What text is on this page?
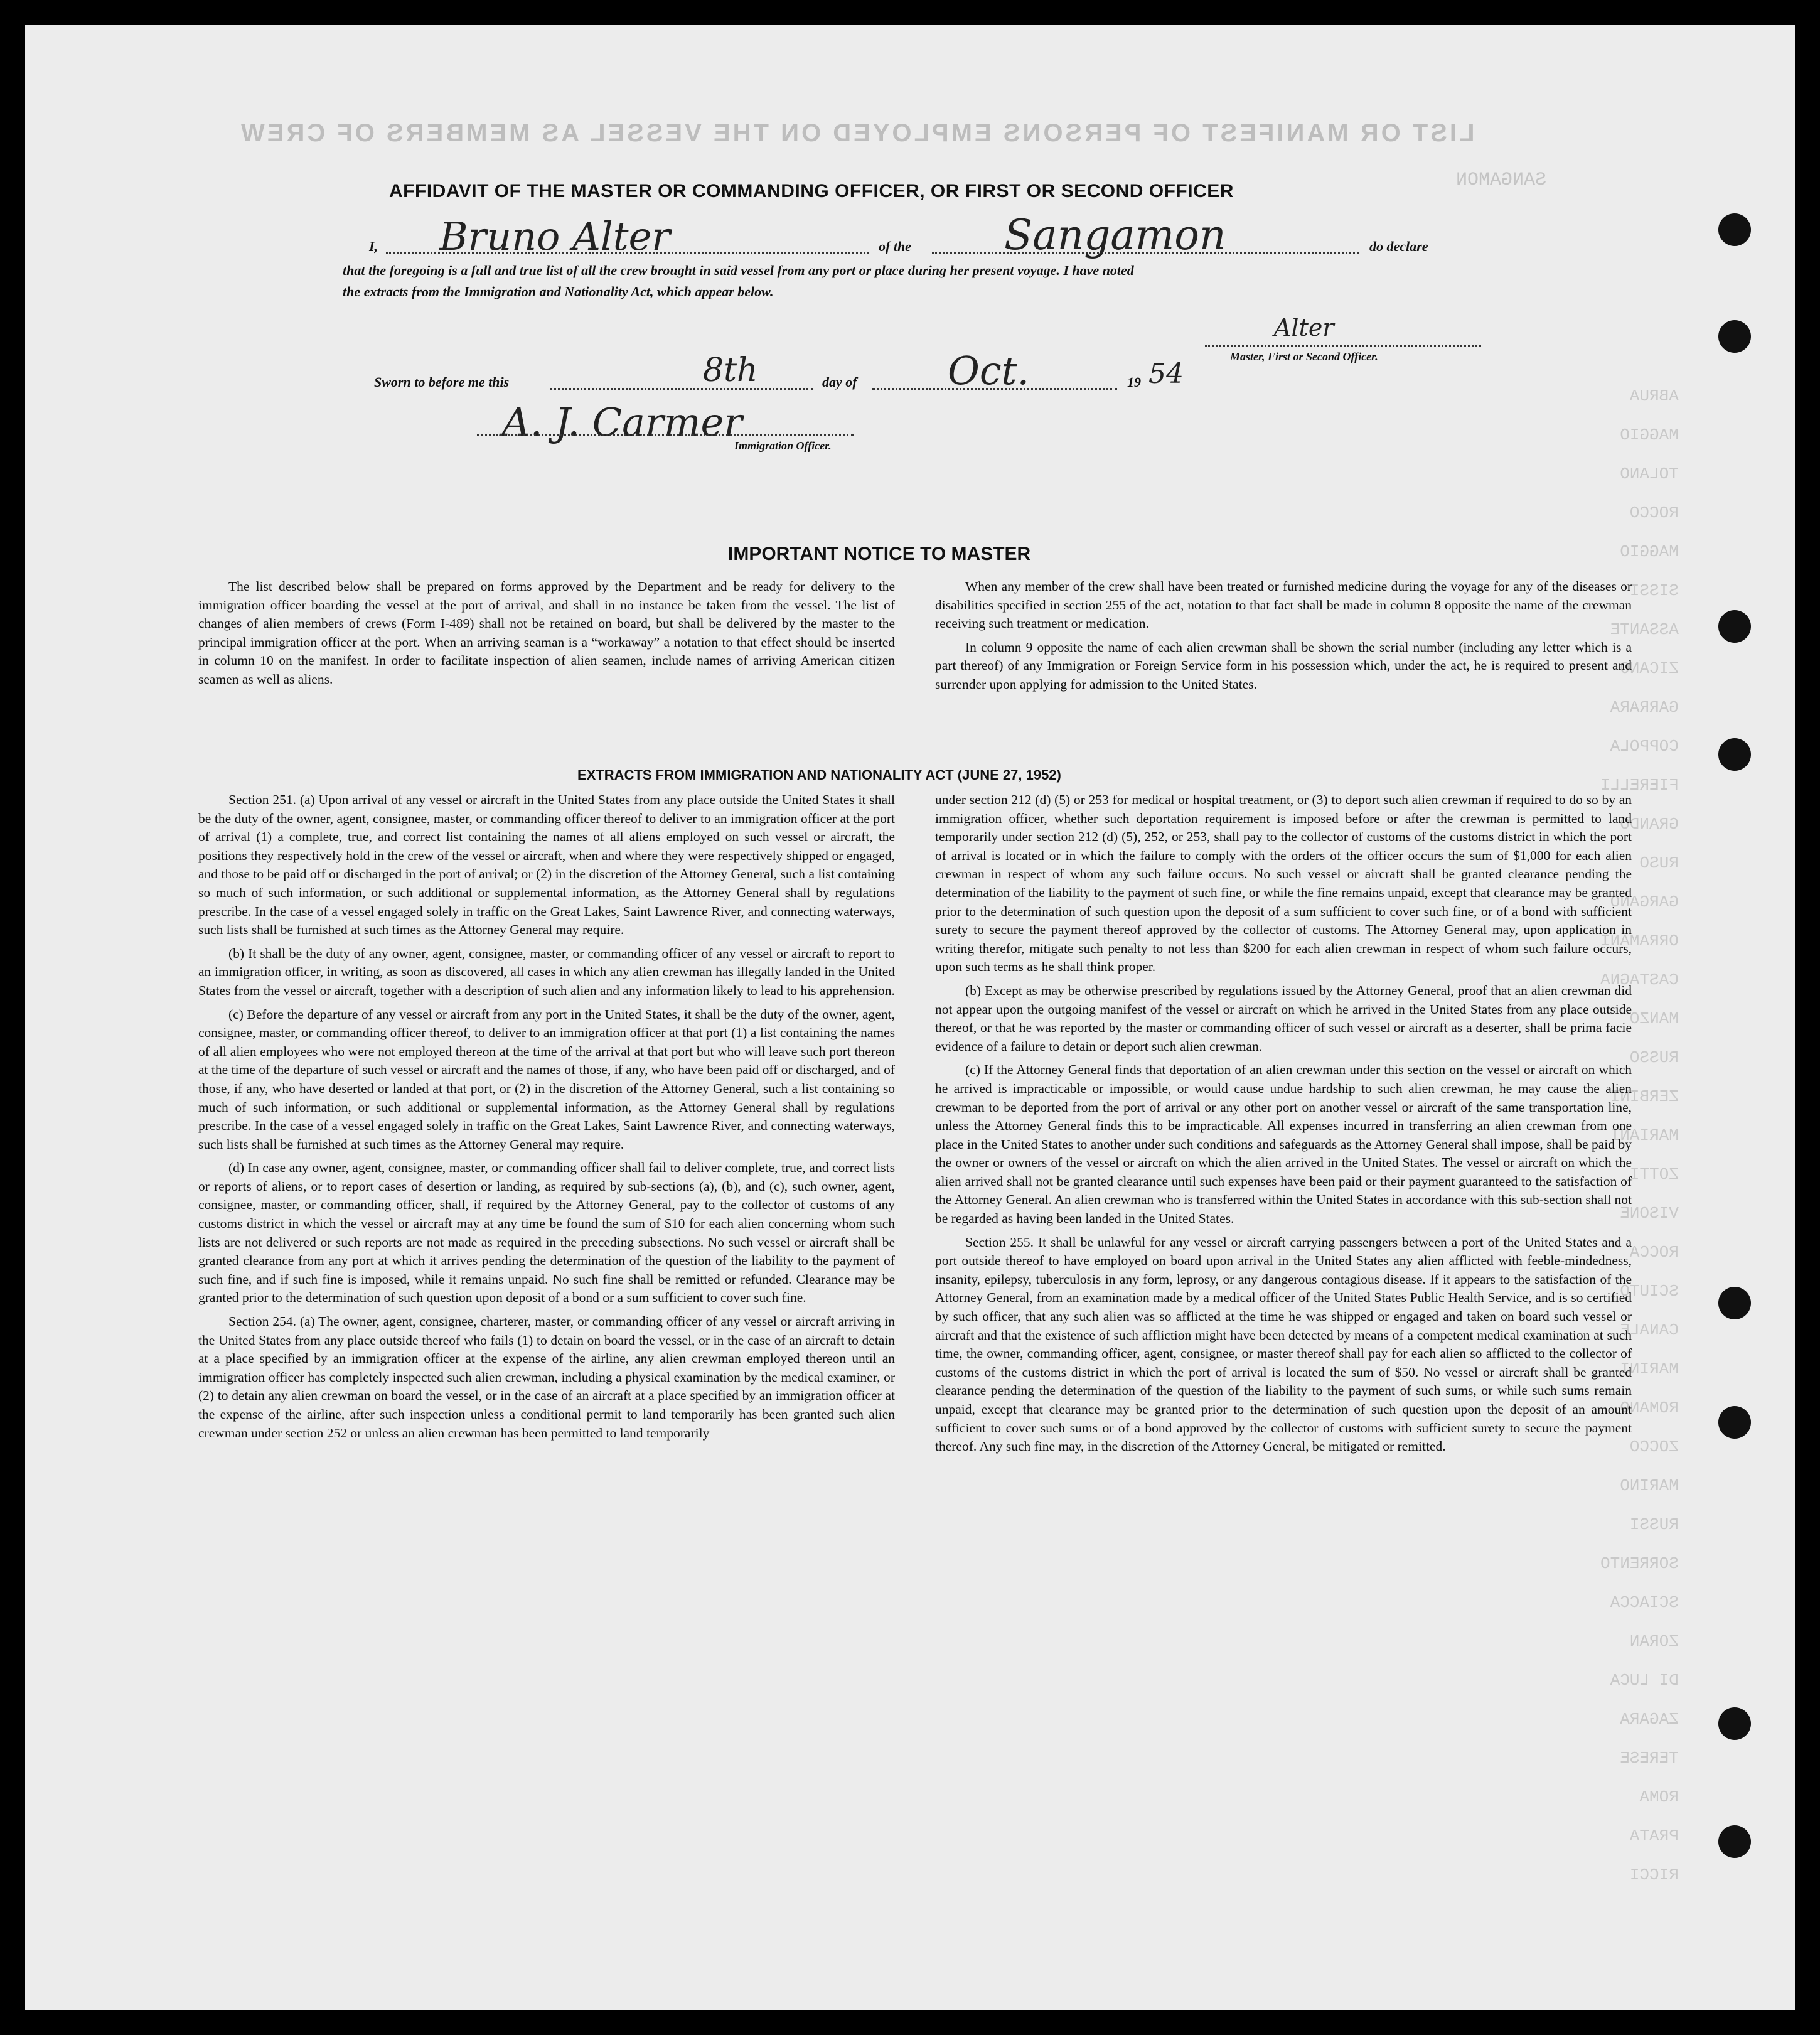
LIST OR MANIFEST OF PERSONS EMPLOYED ON THE VESSEL AS MEMBERS OF CREW
SANGAMON
ABRUA
MAGGIO
TOLANO
ROCCO
MAGGIO
SISSI
ASSANTE
ZICANO
GARRARA
COPPOLA
FIERELLI
GRANDO
RUSO
GARGANO
ORRAMANI
CASTAGNA
MANZO
RUSSO
ZERBINI
MARIANI
ZOTTI
VISONE
ROCCA
SCIUTO
CANALE
MARINI
ROMANO
ZOCCO
MARINO
RUSSI
SORRENTO
SCIACCA
ZORAN
DI LUCA
ZAGARA
TERESE
ROMA
PRATA
RICCI
AFFIDAVIT OF THE MASTER OR COMMANDING OFFICER, OR FIRST OR SECOND OFFICER
I, Bruno Alter	of the Sangamon	do declare
that the foregoing is a full and true list of all the crew brought in said vessel from any port or place during her present voyage. I have noted
the extracts from the Immigration and Nationality Act, which appear below.
Alter
Master, First or Second Officer.
Sworn to before me this	8th	day of Oct.	19 54
A. J. Carmer
Immigration Officer.
IMPORTANT NOTICE TO MASTER

The list described below shall be prepared on forms approved by the Department and be ready for delivery to the immigration officer boarding the vessel at the port of arrival, and shall in no instance be taken from the vessel. The list of changes of alien members of crews (Form I-489) shall not be retained on board, but shall be delivered by the master to the principal immigration officer at the port. When an arriving seaman is a “workaway” a notation to that effect should be inserted in column 10 on the manifest. In order to facilitate inspection of alien seamen, include names of arriving American citizen seamen as well as aliens.

When any member of the crew shall have been treated or furnished medicine during the voyage for any of the diseases or disabilities specified in section 255 of the act, notation to that fact shall be made in column 8 opposite the name of the crewman receiving such treatment or medication.

In column 9 opposite the name of each alien crewman shall be shown the serial number (including any letter which is a part thereof) of any Immigration or Foreign Service form in his possession which, under the act, he is required to present and surrender upon applying for admission to the United States.

EXTRACTS FROM IMMIGRATION AND NATIONALITY ACT (JUNE 27, 1952)

Section 251. (a) Upon arrival of any vessel or aircraft in the United States from any place outside the United States it shall be the duty of the owner, agent, consignee, master, or commanding officer thereof to deliver to an immigration officer at the port of arrival (1) a complete, true, and correct list containing the names of all aliens employed on such vessel or aircraft, the positions they respectively hold in the crew of the vessel or aircraft, when and where they were respectively shipped or engaged, and those to be paid off or discharged in the port of arrival; or (2) in the discretion of the Attorney General, such a list containing so much of such information, or such additional or supplemental information, as the Attorney General shall by regulations prescribe. In the case of a vessel engaged solely in traffic on the Great Lakes, Saint Lawrence River, and connecting waterways, such lists shall be furnished at such times as the Attorney General may require.

(b) It shall be the duty of any owner, agent, consignee, master, or commanding officer of any vessel or aircraft to report to an immigration officer, in writing, as soon as discovered, all cases in which any alien crewman has illegally landed in the United States from the vessel or aircraft, together with a description of such alien and any information likely to lead to his apprehension.

(c) Before the departure of any vessel or aircraft from any port in the United States, it shall be the duty of the owner, agent, consignee, master, or commanding officer thereof, to deliver to an immigration officer at that port (1) a list containing the names of all alien employees who were not employed thereon at the time of the arrival at that port but who will leave such port thereon at the time of the departure of such vessel or aircraft and the names of those, if any, who have been paid off or discharged, and of those, if any, who have deserted or landed at that port, or (2) in the discretion of the Attorney General, such a list containing so much of such information, or such additional or supplemental information, as the Attorney General shall by regulations prescribe. In the case of a vessel engaged solely in traffic on the Great Lakes, Saint Lawrence River, and connecting waterways, such lists shall be furnished at such times as the Attorney General may require.

(d) In case any owner, agent, consignee, master, or commanding officer shall fail to deliver complete, true, and correct lists or reports of aliens, or to report cases of desertion or landing, as required by sub-sections (a), (b), and (c), such owner, agent, consignee, master, or commanding officer, shall, if required by the Attorney General, pay to the collector of customs of any customs district in which the vessel or aircraft may at any time be found the sum of $10 for each alien concerning whom such lists are not delivered or such reports are not made as required in the preceding subsections. No such vessel or aircraft shall be granted clearance from any port at which it arrives pending the determination of the question of the liability to the payment of such fine, and if such fine is imposed, while it remains unpaid. No such fine shall be remitted or refunded. Clearance may be granted prior to the determination of such question upon deposit of a bond or a sum sufficient to cover such fine.

Section 254. (a) The owner, agent, consignee, charterer, master, or commanding officer of any vessel or aircraft arriving in the United States from any place outside thereof who fails (1) to detain on board the vessel, or in the case of an aircraft to detain at a place specified by an immigration officer at the expense of the airline, any alien crewman employed thereon until an immigration officer has completely inspected such alien crewman, including a physical examination by the medical examiner, or (2) to detain any alien crewman on board the vessel, or in the case of an aircraft at a place specified by an immigration officer at the expense of the airline, after such inspection unless a conditional permit to land temporarily has been granted such alien crewman under section 252 or unless an alien crewman has been permitted to land temporarily

under section 212 (d) (5) or 253 for medical or hospital treatment, or (3) to deport such alien crewman if required to do so by an immigration officer, whether such deportation requirement is imposed before or after the crewman is permitted to land temporarily under section 212 (d) (5), 252, or 253, shall pay to the collector of customs of the customs district in which the port of arrival is located or in which the failure to comply with the orders of the officer occurs the sum of $1,000 for each alien crewman in respect of whom any such failure occurs. No such vessel or aircraft shall be granted clearance pending the determination of the liability to the payment of such fine, or while the fine remains unpaid, except that clearance may be granted prior to the determination of such question upon the deposit of a sum sufficient to cover such fine, or of a bond with sufficient surety to secure the payment thereof approved by the collector of customs. The Attorney General may, upon application in writing therefor, mitigate such penalty to not less than $200 for each alien crewman in respect of whom such failure occurs, upon such terms as he shall think proper.

(b) Except as may be otherwise prescribed by regulations issued by the Attorney General, proof that an alien crewman did not appear upon the outgoing manifest of the vessel or aircraft on which he arrived in the United States from any place outside thereof, or that he was reported by the master or commanding officer of such vessel or aircraft as a deserter, shall be prima facie evidence of a failure to detain or deport such alien crewman.

(c) If the Attorney General finds that deportation of an alien crewman under this section on the vessel or aircraft on which he arrived is impracticable or impossible, or would cause undue hardship to such alien crewman, he may cause the alien crewman to be deported from the port of arrival or any other port on another vessel or aircraft of the same transportation line, unless the Attorney General finds this to be impracticable. All expenses incurred in transferring an alien crewman from one place in the United States to another under such conditions and safeguards as the Attorney General shall impose, shall be paid by the owner or owners of the vessel or aircraft on which the alien arrived in the United States. The vessel or aircraft on which the alien arrived shall not be granted clearance until such expenses have been paid or their payment guaranteed to the satisfaction of the Attorney General. An alien crewman who is transferred within the United States in accordance with this sub-section shall not be regarded as having been landed in the United States.

Section 255. It shall be unlawful for any vessel or aircraft carrying passengers between a port of the United States and a port outside thereof to have employed on board upon arrival in the United States any alien afflicted with feeble-mindedness, insanity, epilepsy, tuberculosis in any form, leprosy, or any dangerous contagious disease. If it appears to the satisfaction of the Attorney General, from an examination made by a medical officer of the United States Public Health Service, and is so certified by such officer, that any such alien was so afflicted at the time he was shipped or engaged and taken on board such vessel or aircraft and that the existence of such affliction might have been detected by means of a competent medical examination at such time, the owner, commanding officer, agent, consignee, or master thereof shall pay for each alien so afflicted to the collector of customs of the customs district in which the port of arrival is located the sum of $50. No vessel or aircraft shall be granted clearance pending the determination of the question of the liability to the payment of such sums, or while such sums remain unpaid, except that clearance may be granted prior to the determination of such question upon the deposit of an amount sufficient to cover such sums or of a bond approved by the collector of customs with sufficient surety to secure the payment thereof. Any such fine may, in the discretion of the Attorney General, be mitigated or remitted.
